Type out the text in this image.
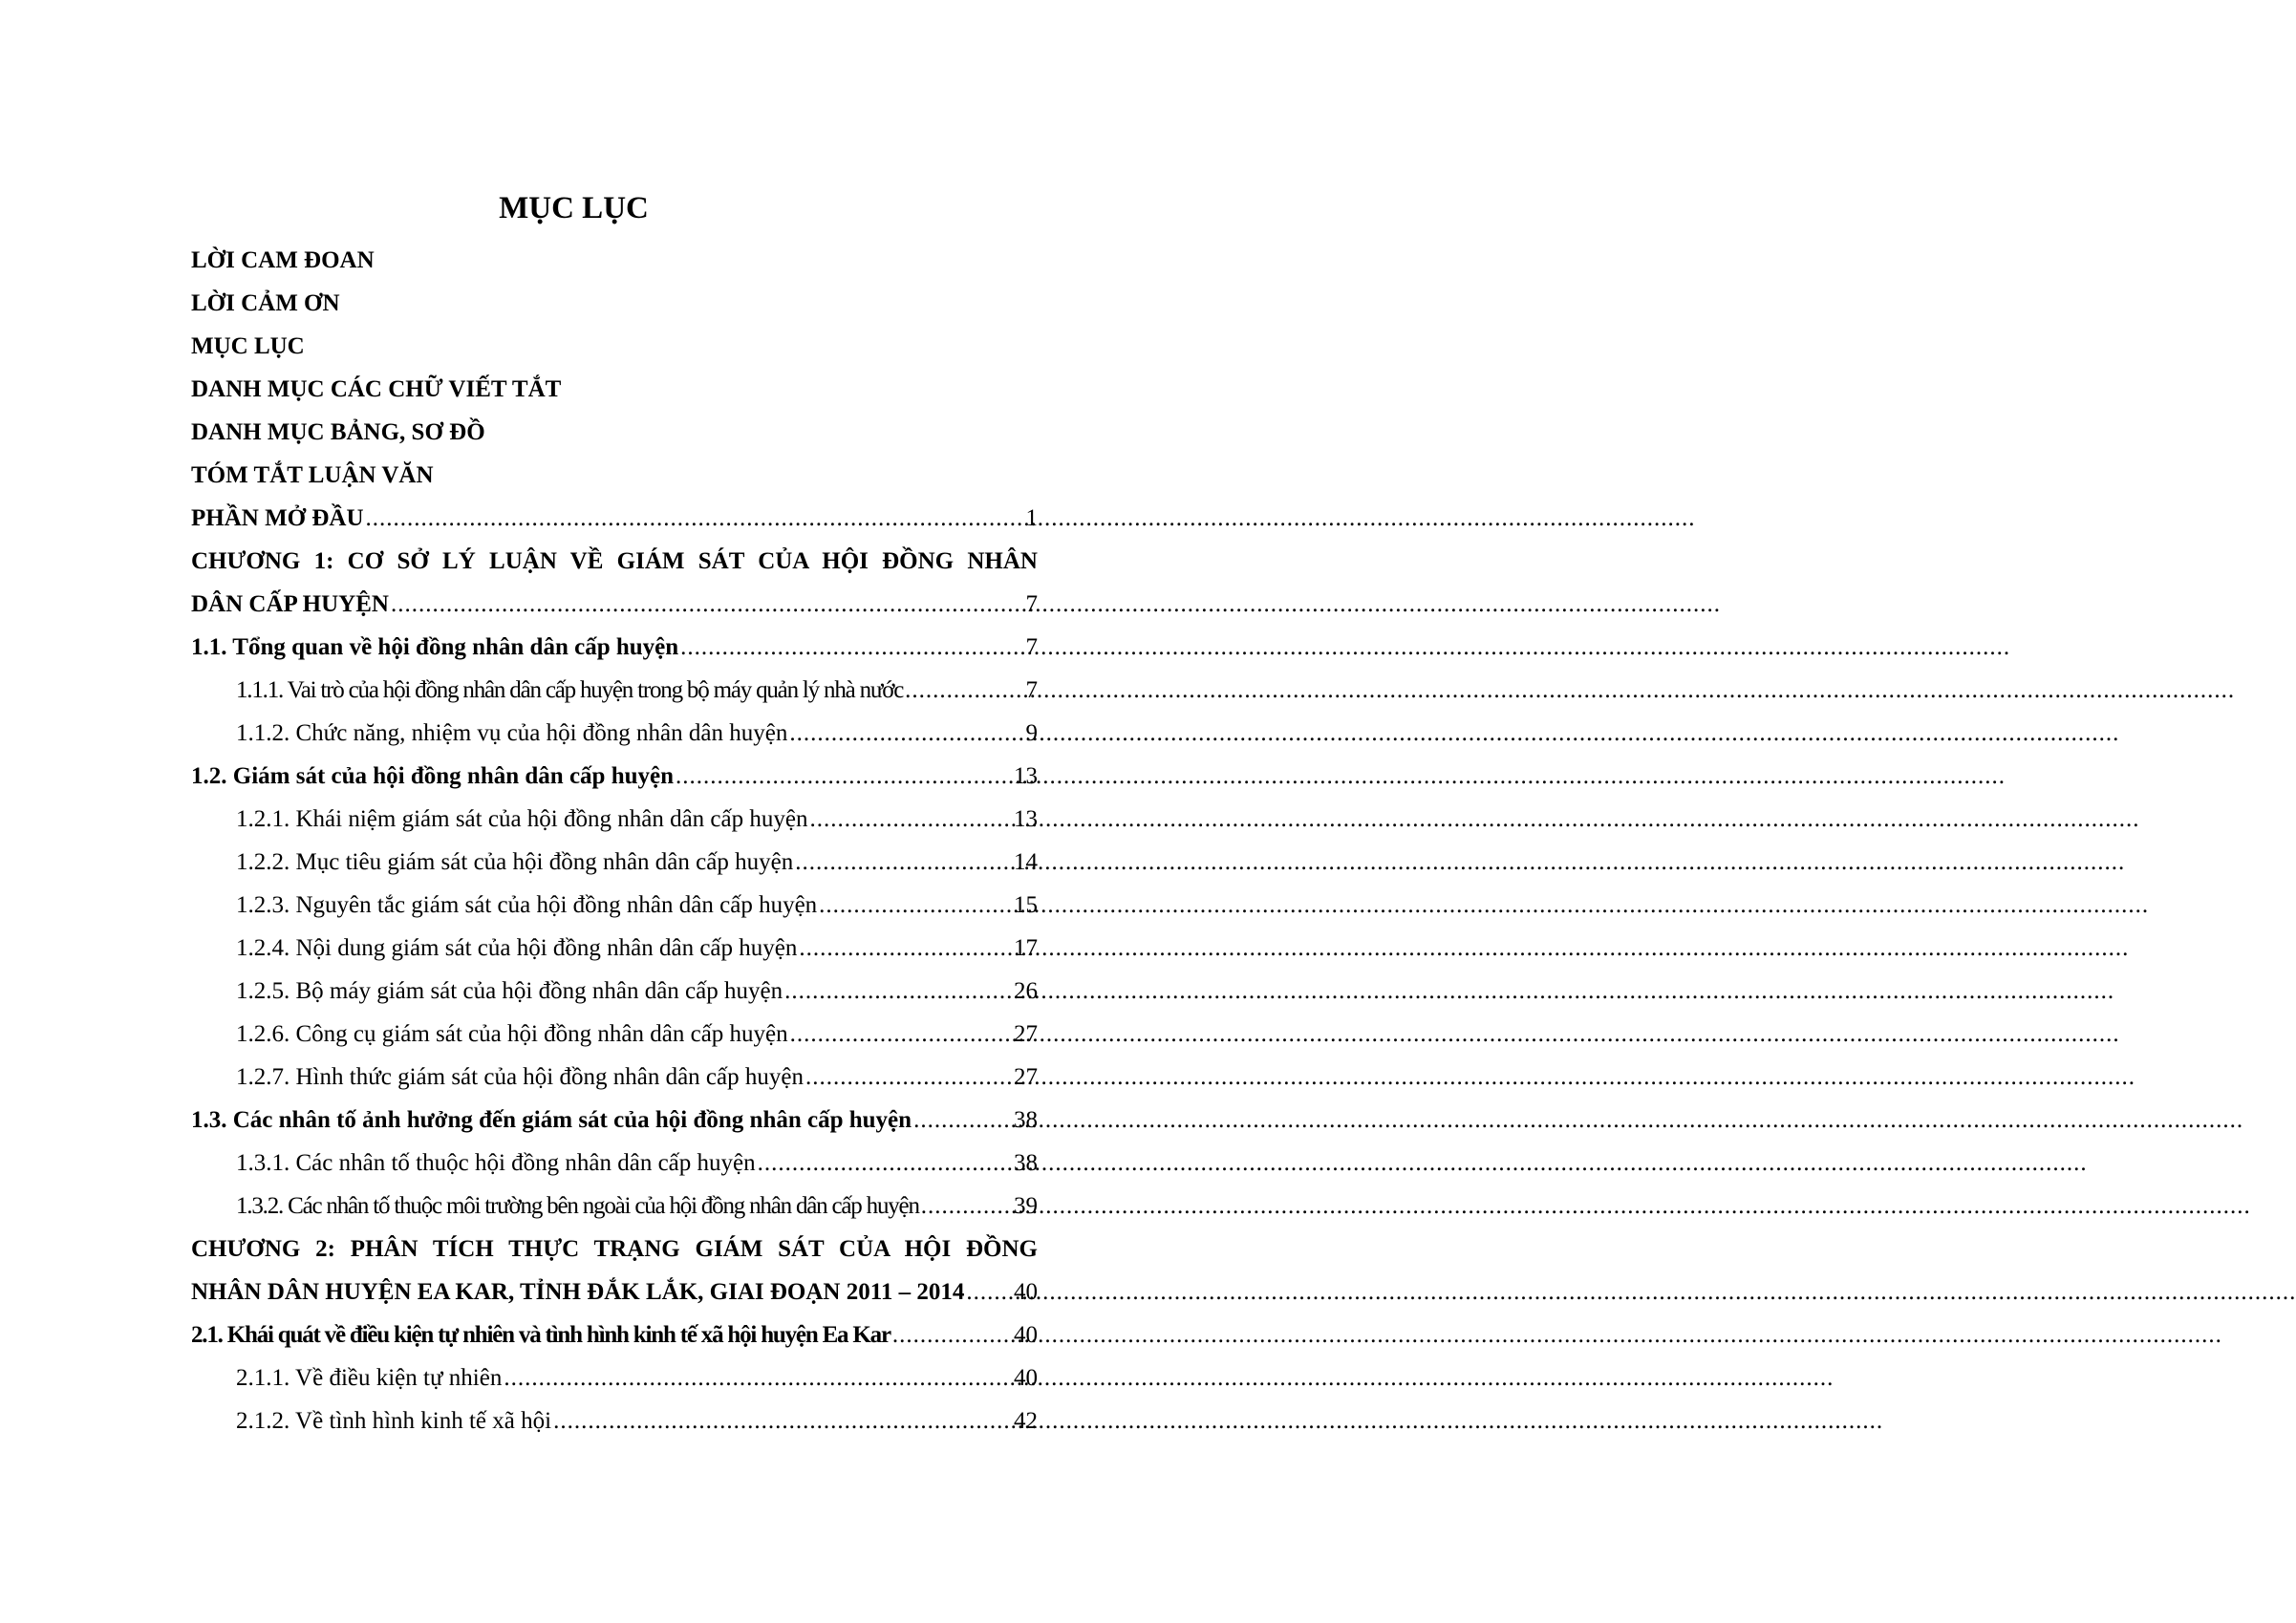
MỤC LỤC
LỜI CAM ĐOAN
LỜI CẢM ƠN
MỤC LỤC
DANH MỤC CÁC CHỮ VIẾT TẮT
DANH MỤC BẢNG, SƠ ĐỒ
TÓM TẮT LUẬN VĂN
PHẦN MỞ ĐẦU .....	1
CHƯƠNG 1: CƠ SỞ LÝ LUẬN VỀ GIÁM SÁT CỦA HỘI ĐỒNG NHÂN
DÂN CẤP HUYỆN .....	7
1.1. Tổng quan về hội đồng nhân dân cấp huyện .....	7
1.1.1. Vai trò của hội đồng nhân dân cấp huyện trong bộ máy quản lý nhà nước .....	7
1.1.2. Chức năng, nhiệm vụ của hội đồng nhân dân huyện .....	9
1.2. Giám sát của hội đồng nhân dân cấp huyện .....	13
1.2.1. Khái niệm giám sát của hội đồng nhân dân cấp huyện .....	13
1.2.2. Mục tiêu giám sát của hội đồng nhân dân cấp huyện .....	14
1.2.3. Nguyên tắc giám sát của hội đồng nhân dân cấp huyện .....	15
1.2.4. Nội dung giám sát của hội đồng nhân dân cấp huyện .....	17
1.2.5. Bộ máy giám sát của hội đồng nhân dân cấp huyện .....	26
1.2.6. Công cụ giám sát của hội đồng nhân dân cấp huyện .....	27
1.2.7. Hình thức giám sát của hội đồng nhân dân cấp huyện .....	27
1.3. Các nhân tố ảnh hưởng đến giám sát của hội đồng nhân cấp huyện .....	38
1.3.1. Các nhân tố thuộc hội đồng nhân dân cấp huyện .....	38
1.3.2. Các nhân tố thuộc môi trường bên ngoài của hội đồng nhân dân cấp huyện .....	39
CHƯƠNG 2: PHÂN TÍCH THỰC TRẠNG GIÁM SÁT CỦA HỘI ĐỒNG
NHÂN DÂN HUYỆN EA KAR, TỈNH ĐẮK LẮK, GIAI ĐOẠN 2011 – 2014 ..... 40
2.1. Khái quát về điều kiện tự nhiên và tình hình kinh tế xã hội huyện Ea Kar .....	40
2.1.1. Về điều kiện tự nhiên .....	40
2.1.2. Về tình hình kinh tế xã hội .....	42
